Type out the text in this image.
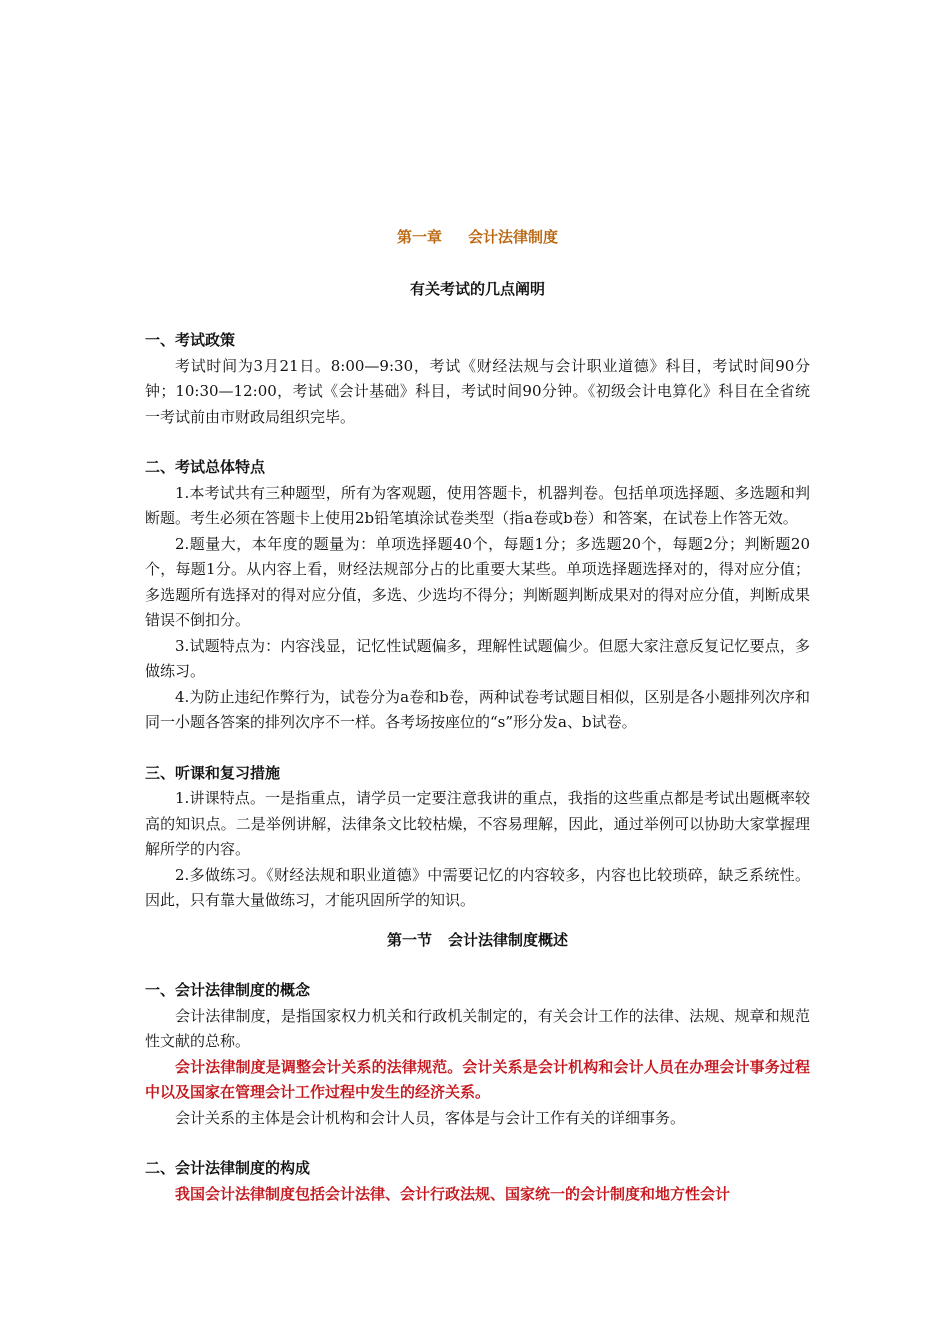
第一章 会计法律制度
有关考试的几点阐明

一、考试政策

考试时间为3月21日。8:00—9:30，考试《财经法规与会计职业道德》科目，考试时间90分钟；10:30—12:00，考试《会计基础》科目，考试时间90分钟。《初级会计电算化》科目在全省统一考试前由市财政局组织完毕。

二、考试总体特点

1.本考试共有三种题型，所有为客观题，使用答题卡，机器判卷。包括单项选择题、多选题和判断题。考生必须在答题卡上使用2b铅笔填涂试卷类型（指a卷或b卷）和答案，在试卷上作答无效。

2.题量大，本年度的题量为：单项选择题40个，每题1分；多选题20个，每题2分；判断题20个，每题1分。从内容上看，财经法规部分占的比重要大某些。单项选择题选择对的，得对应分值；多选题所有选择对的得对应分值，多选、少选均不得分；判断题判断成果对的得对应分值，判断成果错误不倒扣分。

3.试题特点为：内容浅显，记忆性试题偏多，理解性试题偏少。但愿大家注意反复记忆要点，多做练习。

4.为防止违纪作弊行为，试卷分为a卷和b卷，两种试卷考试题目相似，区别是各小题排列次序和同一小题各答案的排列次序不一样。各考场按座位的“s”形分发a、b试卷。

三、听课和复习措施

1.讲课特点。一是指重点，请学员一定要注意我讲的重点，我指的这些重点都是考试出题概率较高的知识点。二是举例讲解，法律条文比较枯燥，不容易理解，因此，通过举例可以协助大家掌握理解所学的内容。

2.多做练习。《财经法规和职业道德》中需要记忆的内容较多，内容也比较琐碎，缺乏系统性。因此，只有靠大量做练习，才能巩固所学的知识。

第一节 会计法律制度概述

一、会计法律制度的概念

会计法律制度，是指国家权力机关和行政机关制定的，有关会计工作的法律、法规、规章和规范性文献的总称。

会计法律制度是调整会计关系的法律规范。会计关系是会计机构和会计人员在办理会计事务过程中以及国家在管理会计工作过程中发生的经济关系。

会计关系的主体是会计机构和会计人员，客体是与会计工作有关的详细事务。

二、会计法律制度的构成

我国会计法律制度包括会计法律、会计行政法规、国家统一的会计制度和地方性会计
